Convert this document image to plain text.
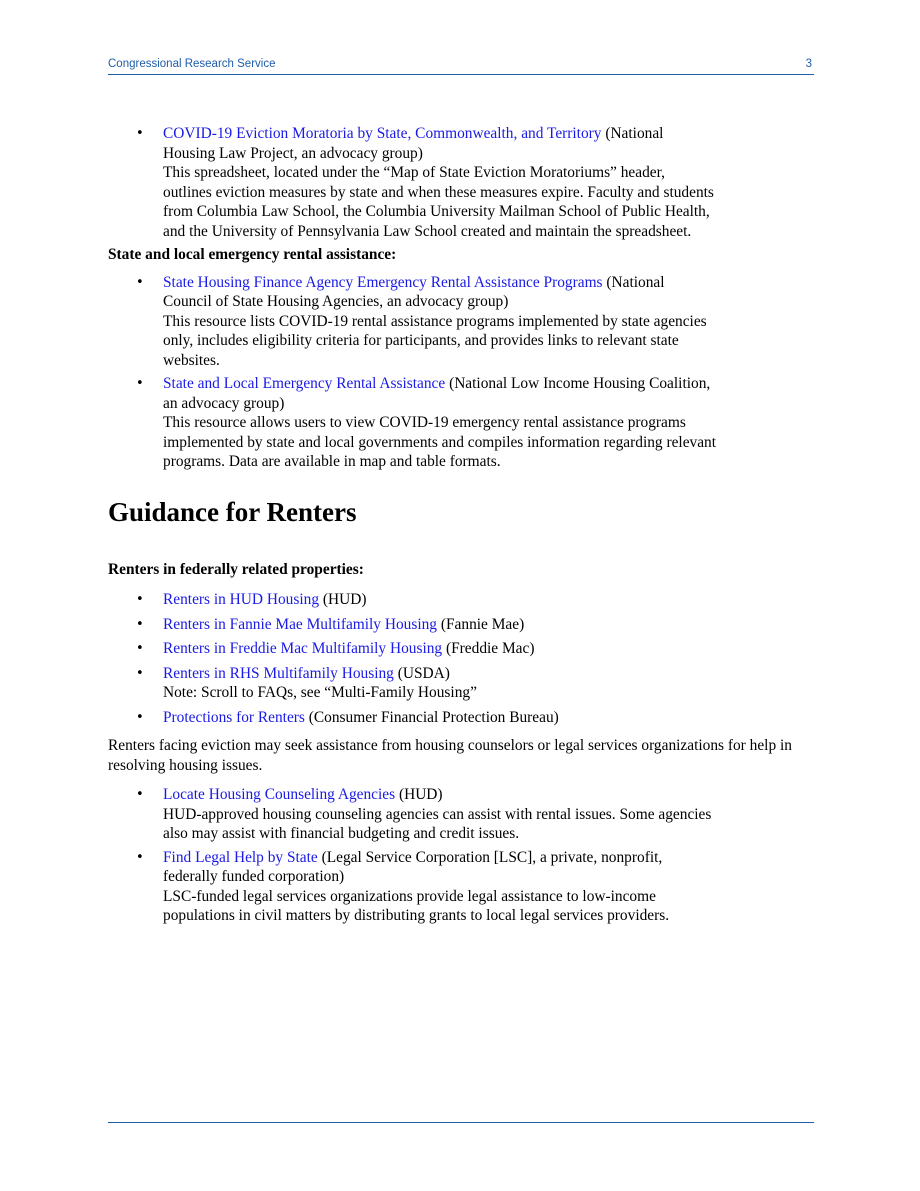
Congressional Research Service	3
• COVID-19 Eviction Moratoria by State, Commonwealth, and Territory (National
Housing Law Project, an advocacy group)
This spreadsheet, located under the “Map of State Eviction Moratoriums” header,
outlines eviction measures by state and when these measures expire. Faculty and students
from Columbia Law School, the Columbia University Mailman School of Public Health,
and the University of Pennsylvania Law School created and maintain the spreadsheet.
State and local emergency rental assistance:
• State Housing Finance Agency Emergency Rental Assistance Programs (National
Council of State Housing Agencies, an advocacy group)
This resource lists COVID-19 rental assistance programs implemented by state agencies
only, includes eligibility criteria for participants, and provides links to relevant state
websites.
• State and Local Emergency Rental Assistance (National Low Income Housing Coalition,
an advocacy group)
This resource allows users to view COVID-19 emergency rental assistance programs
implemented by state and local governments and compiles information regarding relevant
programs. Data are available in map and table formats.
Guidance for Renters
Renters in federally related properties:
• Renters in HUD Housing (HUD)
• Renters in Fannie Mae Multifamily Housing (Fannie Mae)
• Renters in Freddie Mac Multifamily Housing (Freddie Mac)
• Renters in RHS Multifamily Housing (USDA)
Note: Scroll to FAQs, see “Multi-Family Housing”
• Protections for Renters (Consumer Financial Protection Bureau)

Renters facing eviction may seek assistance from housing counselors or legal services organizations for help in resolving housing issues.

• Locate Housing Counseling Agencies (HUD)
HUD-approved housing counseling agencies can assist with rental issues. Some agencies
also may assist with financial budgeting and credit issues.
• Find Legal Help by State (Legal Service Corporation [LSC], a private, nonprofit,
federally funded corporation)
LSC-funded legal services organizations provide legal assistance to low-income
populations in civil matters by distributing grants to local legal services providers.
